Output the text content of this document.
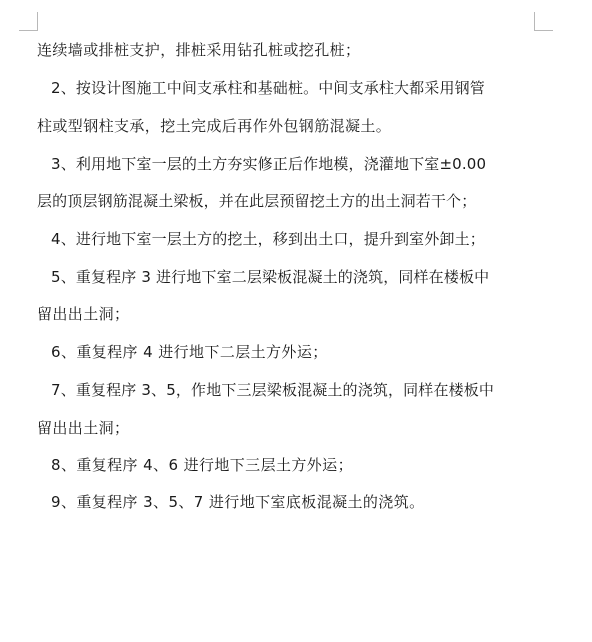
连续墙或排桩支护，排桩采用钻孔桩或挖孔桩；
2、按设计图施工中间支承柱和基础桩。中间支承柱大都采用钢管
柱或型钢柱支承，挖土完成后再作外包钢筋混凝土。
3、利用地下室一层的土方夯实修正后作地模，浇灌地下室±0.00
层的顶层钢筋混凝土梁板，并在此层预留挖土方的出土洞若干个；
4、进行地下室一层土方的挖土，移到出土口，提升到室外卸土；
5、重复程序 3 进行地下室二层梁板混凝土的浇筑，同样在楼板中
留出出土洞；
6、重复程序 4 进行地下二层土方外运；
7、重复程序 3、5，作地下三层梁板混凝土的浇筑，同样在楼板中
留出出土洞；
8、重复程序 4、6 进行地下三层土方外运；
9、重复程序 3、5、7 进行地下室底板混凝土的浇筑。
